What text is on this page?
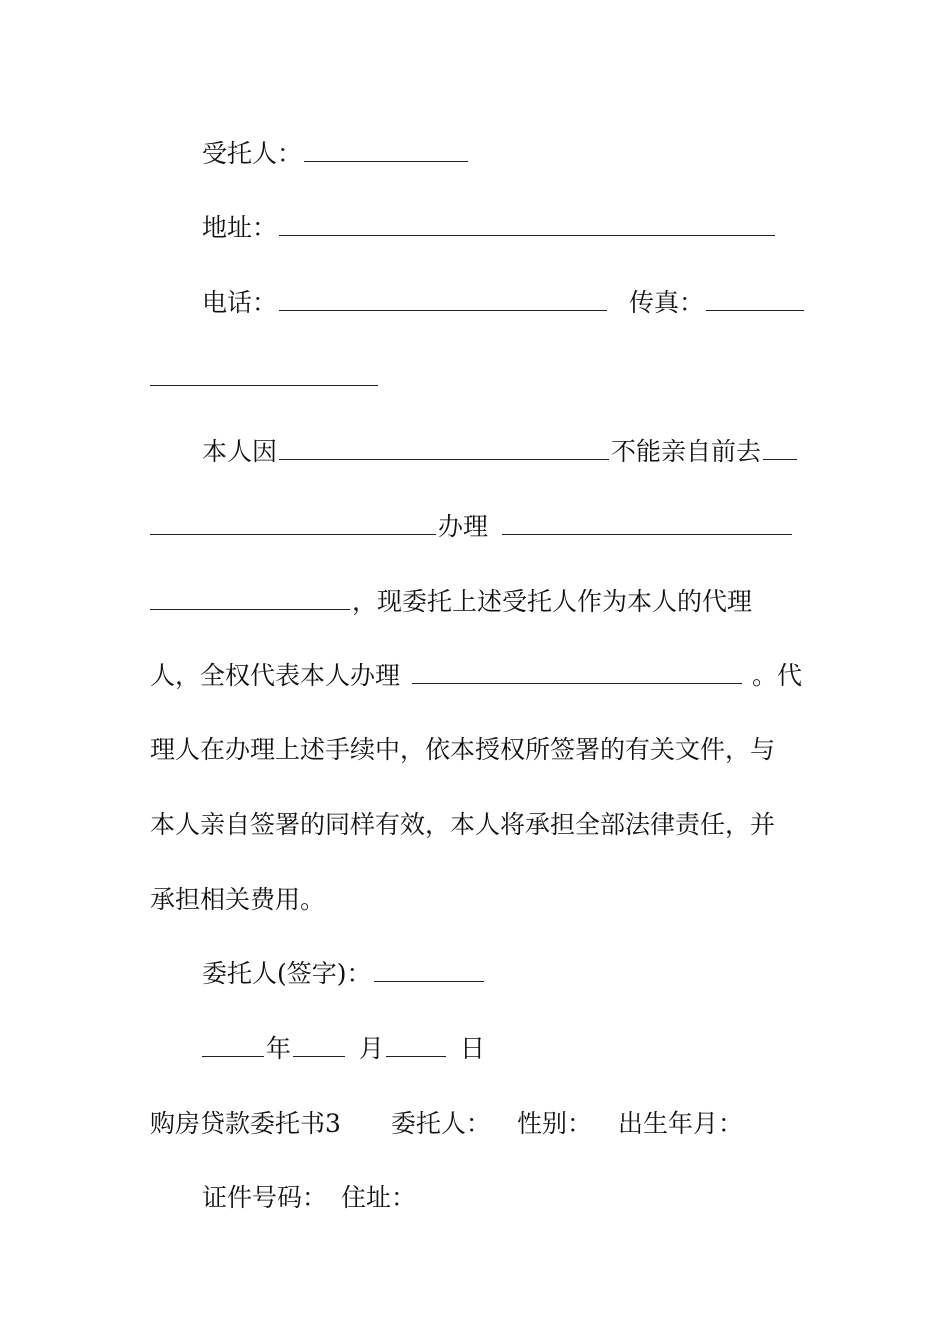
受托人：
地址：
电话：	传真：
本人因	不能亲自前去
办理
，现委托上述受托人作为本人的代理
人，全权代表本人办理	。代
理人在办理上述手续中，依本授权所签署的有关文件，与
本人亲自签署的同样有效，本人将承担全部法律责任，并
承担相关费用。
委托人(签字)：
年	月	日
购房贷款委托书3 委托人： 性别： 出生年月：
证件号码： 住址：
